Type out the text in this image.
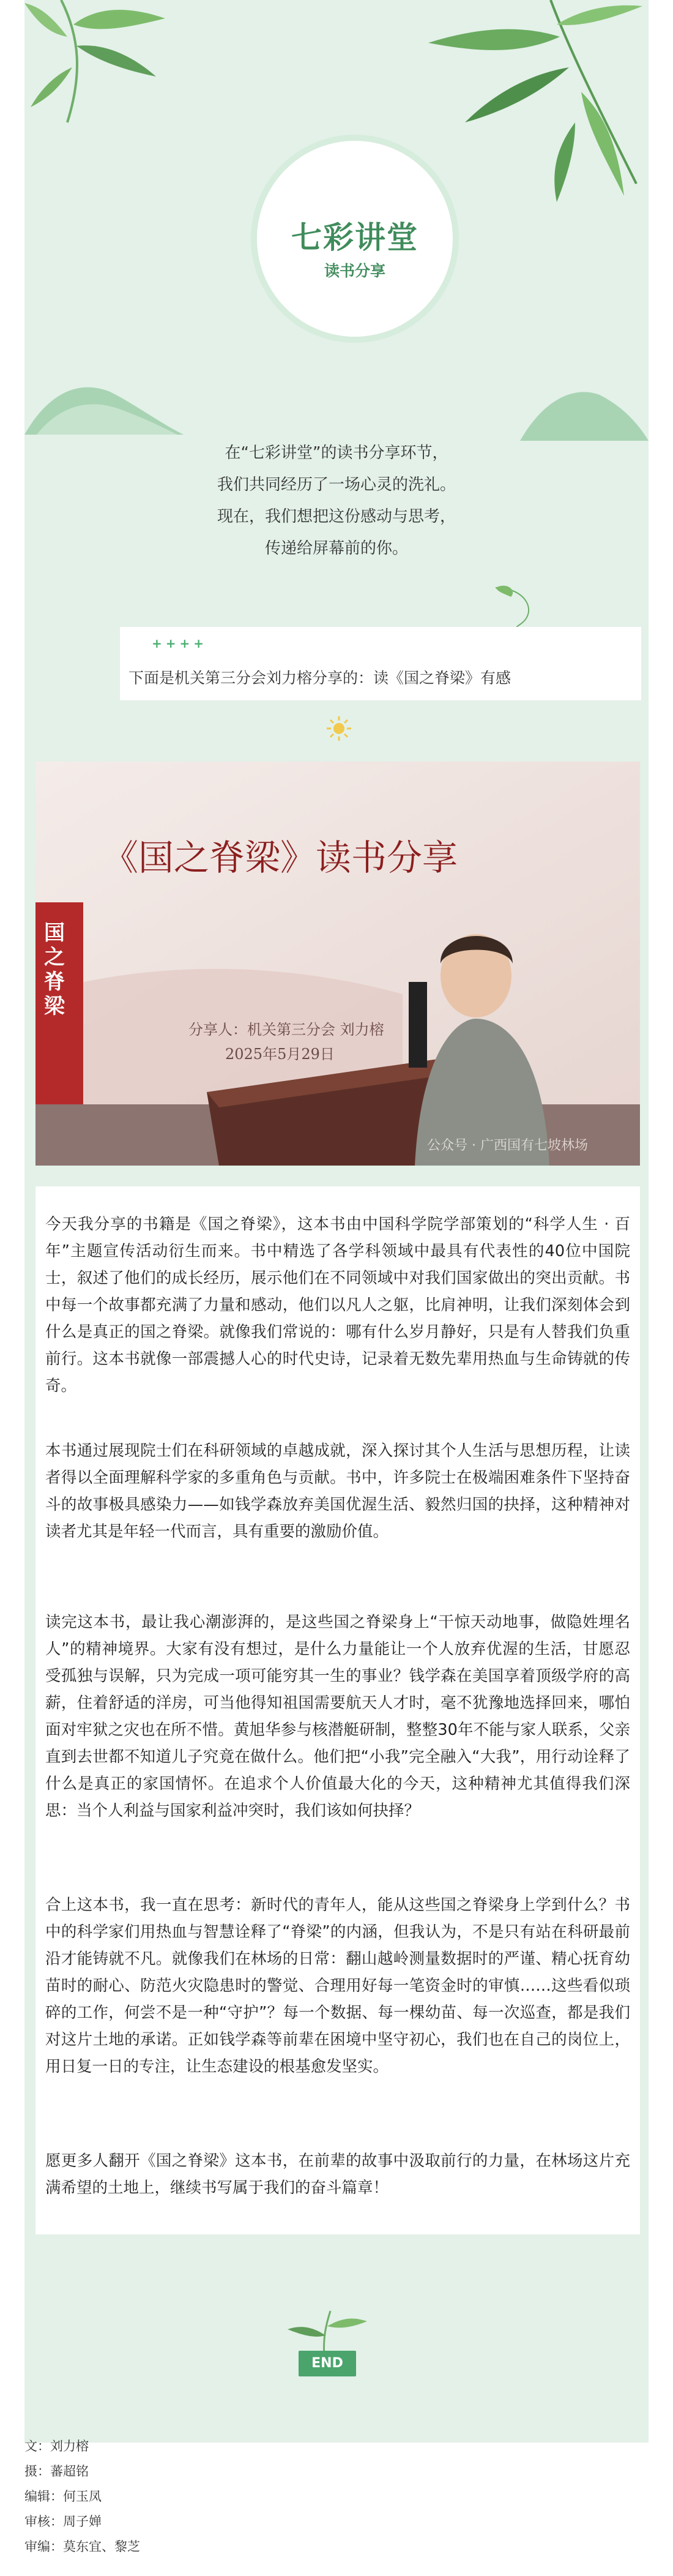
七彩讲堂
读书分享
在“七彩讲堂”的读书分享环节，
我们共同经历了一场心灵的洗礼。
现在，我们想把这份感动与思考，
传递给屏幕前的你。
++++
下面是机关第三分会刘力榕分享的：读《国之脊梁》有感
《国之脊梁》读书分享
国之脊梁
分享人：机关第三分会 刘力榕
2025年5月29日
公众号 · 广西国有七坡林场

今天我分享的书籍是《国之脊梁》，这本书由中国科学院学部策划的“科学人生 · 百年”主题宣传活动衍生而来。书中精选了各学科领域中最具有代表性的40位中国院士，叙述了他们的成长经历，展示他们在不同领域中对我们国家做出的突出贡献。书中每一个故事都充满了力量和感动，他们以凡人之躯，比肩神明，让我们深刻体会到什么是真正的国之脊梁。就像我们常说的：哪有什么岁月静好，只是有人替我们负重前行。这本书就像一部震撼人心的时代史诗，记录着无数先辈用热血与生命铸就的传奇。

本书通过展现院士们在科研领域的卓越成就，深入探讨其个人生活与思想历程，让读者得以全面理解科学家的多重角色与贡献。书中，许多院士在极端困难条件下坚持奋斗的故事极具感染力——如钱学森放弃美国优渥生活、毅然归国的抉择，这种精神对读者尤其是年轻一代而言，具有重要的激励价值。

读完这本书，最让我心潮澎湃的，是这些国之脊梁身上“干惊天动地事，做隐姓埋名人”的精神境界。大家有没有想过，是什么力量能让一个人放弃优渥的生活，甘愿忍受孤独与误解，只为完成一项可能穷其一生的事业？钱学森在美国享着顶级学府的高薪，住着舒适的洋房，可当他得知祖国需要航天人才时，毫不犹豫地选择回来，哪怕面对牢狱之灾也在所不惜。黄旭华参与核潜艇研制，整整30年不能与家人联系，父亲直到去世都不知道儿子究竟在做什么。他们把“小我”完全融入“大我”，用行动诠释了什么是真正的家国情怀。在追求个人价值最大化的今天，这种精神尤其值得我们深思：当个人利益与国家利益冲突时，我们该如何抉择？

合上这本书，我一直在思考：新时代的青年人，能从这些国之脊梁身上学到什么？书中的科学家们用热血与智慧诠释了“脊梁”的内涵，但我认为，不是只有站在科研最前沿才能铸就不凡。就像我们在林场的日常：翻山越岭测量数据时的严谨、精心抚育幼苗时的耐心、防范火灾隐患时的警觉、合理用好每一笔资金时的审慎……这些看似琐碎的工作，何尝不是一种“守护”？每一个数据、每一棵幼苗、每一次巡查，都是我们对这片土地的承诺。正如钱学森等前辈在困境中坚守初心，我们也在自己的岗位上，用日复一日的专注，让生态建设的根基愈发坚实。

愿更多人翻开《国之脊梁》这本书，在前辈的故事中汲取前行的力量，在林场这片充满希望的土地上，继续书写属于我们的奋斗篇章！

END
文：刘力榕
摄：蕃超铭
编辑：何玉凤
审核：周子婵
审编：莫东宜、黎芝
